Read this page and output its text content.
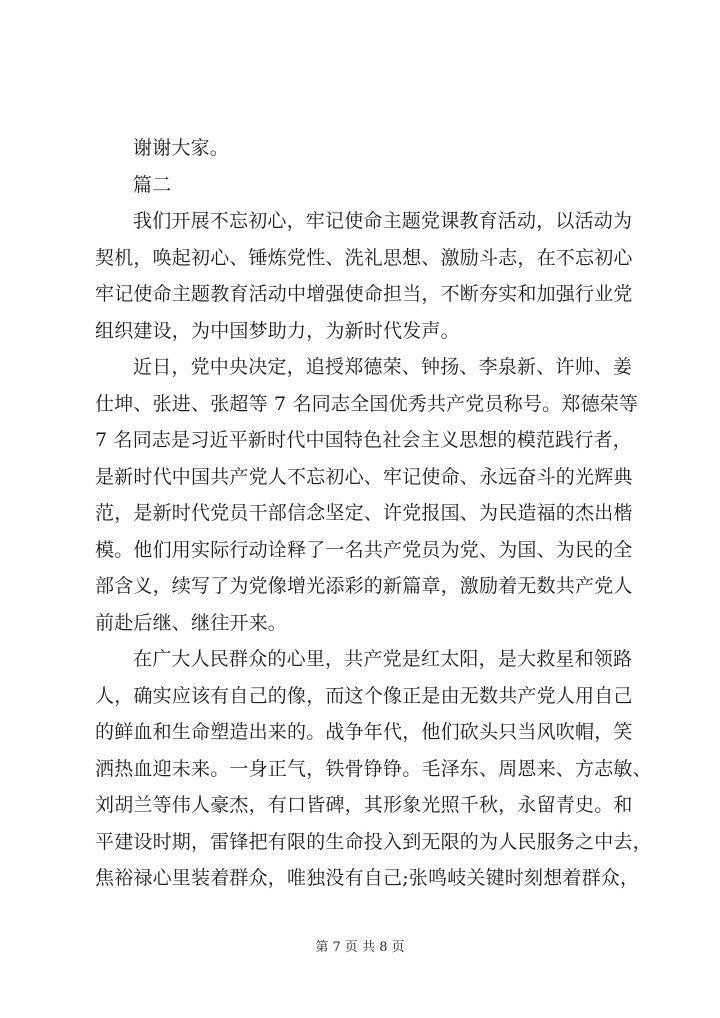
谢谢大家。
篇二
我们开展不忘初心，牢记使命主题党课教育活动，以活动为
契机，唤起初心、锤炼党性、洗礼思想、激励斗志，在不忘初心
牢记使命主题教育活动中增强使命担当，不断夯实和加强行业党
组织建设，为中国梦助力，为新时代发声。
近日，党中央决定，追授郑德荣、钟扬、李泉新、许帅、姜
仕坤、张进、张超等 7 名同志全国优秀共产党员称号。郑德荣等
7 名同志是习近平新时代中国特色社会主义思想的模范践行者，
是新时代中国共产党人不忘初心、牢记使命、永远奋斗的光辉典
范，是新时代党员干部信念坚定、许党报国、为民造福的杰出楷
模。他们用实际行动诠释了一名共产党员为党、为国、为民的全
部含义，续写了为党像增光添彩的新篇章，激励着无数共产党人
前赴后继、继往开来。
在广大人民群众的心里，共产党是红太阳，是大救星和领路
人，确实应该有自己的像，而这个像正是由无数共产党人用自己
的鲜血和生命塑造出来的。战争年代，他们砍头只当风吹帽，笑
洒热血迎未来。一身正气，铁骨铮铮。毛泽东、周恩来、方志敏、
刘胡兰等伟人豪杰，有口皆碑，其形象光照千秋，永留青史。和
平建设时期，雷锋把有限的生命投入到无限的为人民服务之中去，
焦裕禄心里装着群众，唯独没有自己;张鸣岐关键时刻想着群众，
第 7 页 共 8 页
